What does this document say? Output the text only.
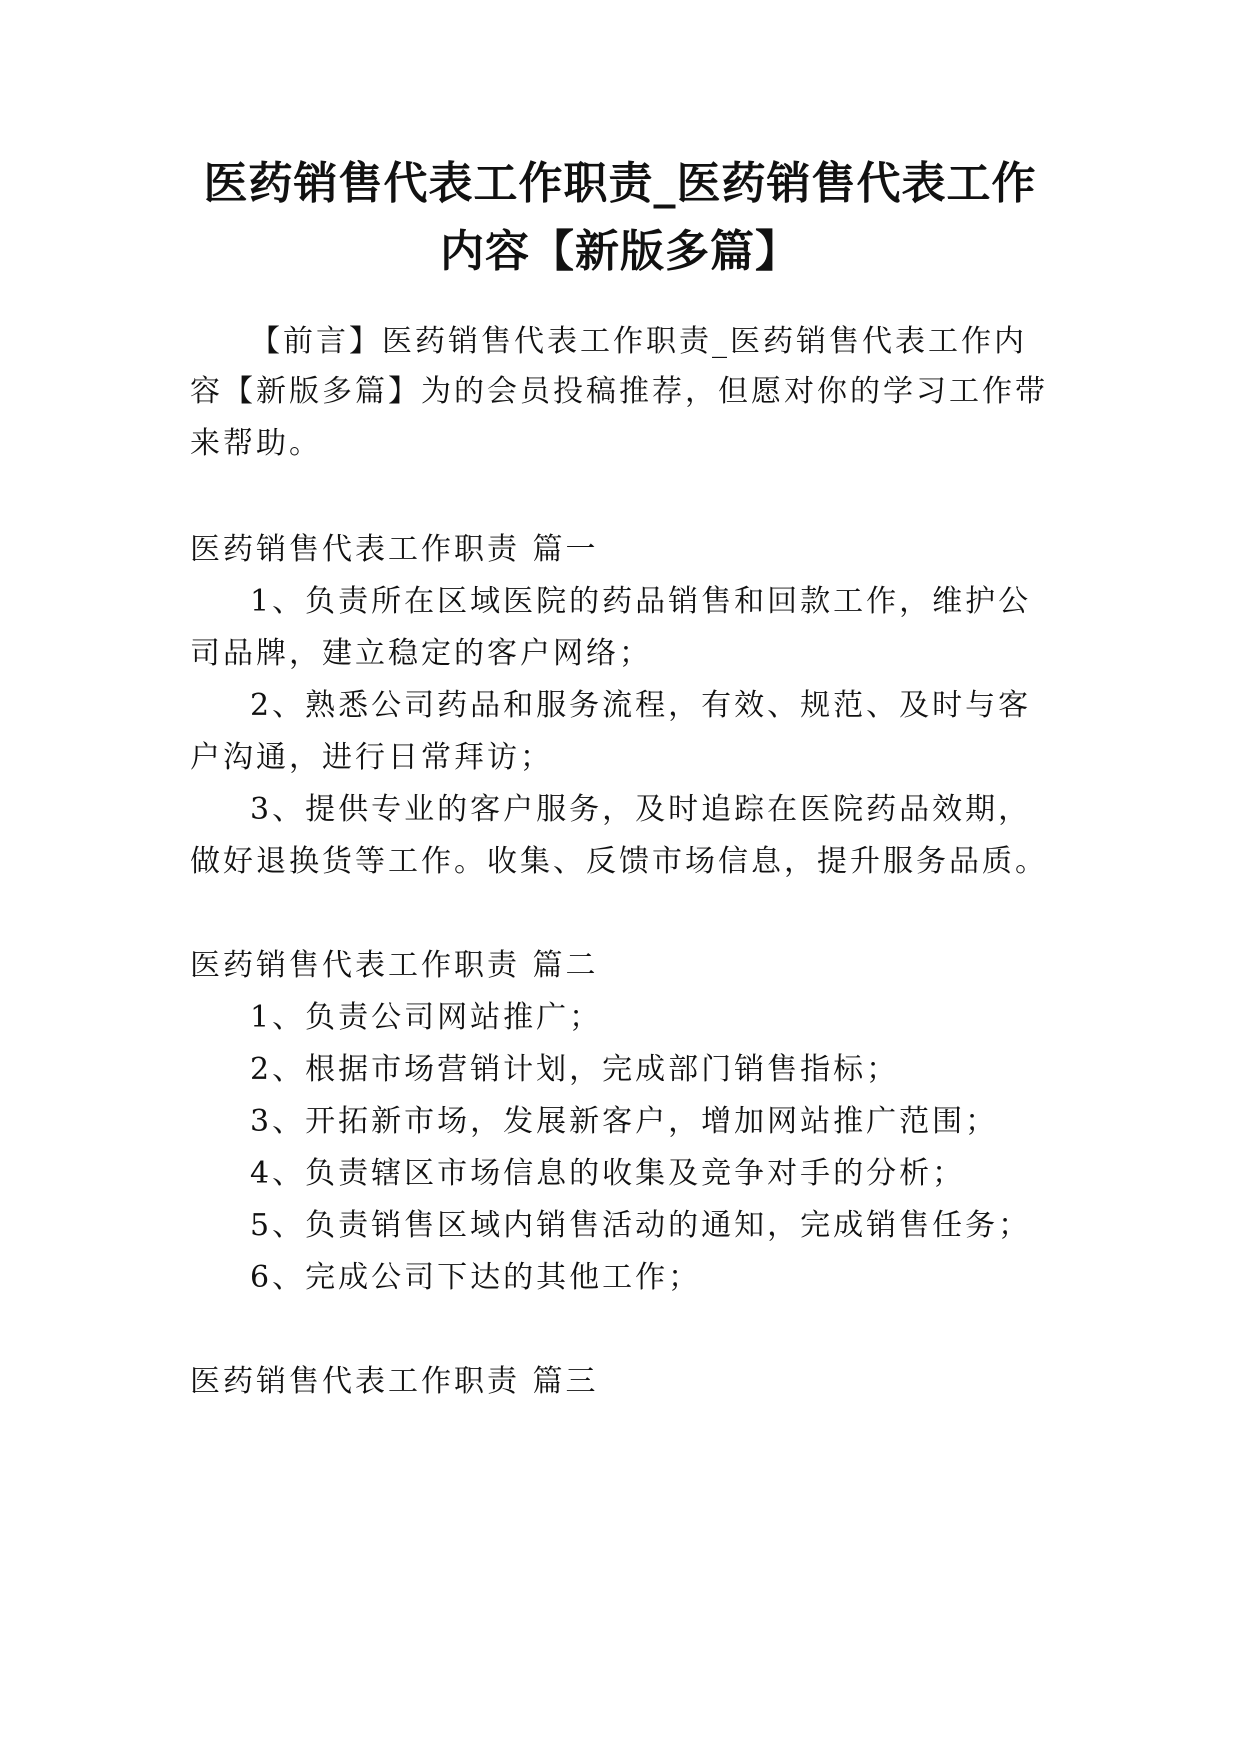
医药销售代表工作职责_医药销售代表工作
内容【新版多篇】

【前言】医药销售代表工作职责_医药销售代表工作内

容【新版多篇】为的会员投稿推荐，但愿对你的学习工作带

来帮助。

医药销售代表工作职责 篇一

1、负责所在区域医院的药品销售和回款工作，维护公

司品牌，建立稳定的客户网络；

2、熟悉公司药品和服务流程，有效、规范、及时与客

户沟通，进行日常拜访；

3、提供专业的客户服务，及时追踪在医院药品效期，

做好退换货等工作。收集、反馈市场信息，提升服务品质。

医药销售代表工作职责 篇二

1、负责公司网站推广；

2、根据市场营销计划，完成部门销售指标；

3、开拓新市场，发展新客户，增加网站推广范围；

4、负责辖区市场信息的收集及竞争对手的分析；

5、负责销售区域内销售活动的通知，完成销售任务；

6、完成公司下达的其他工作；

医药销售代表工作职责 篇三
